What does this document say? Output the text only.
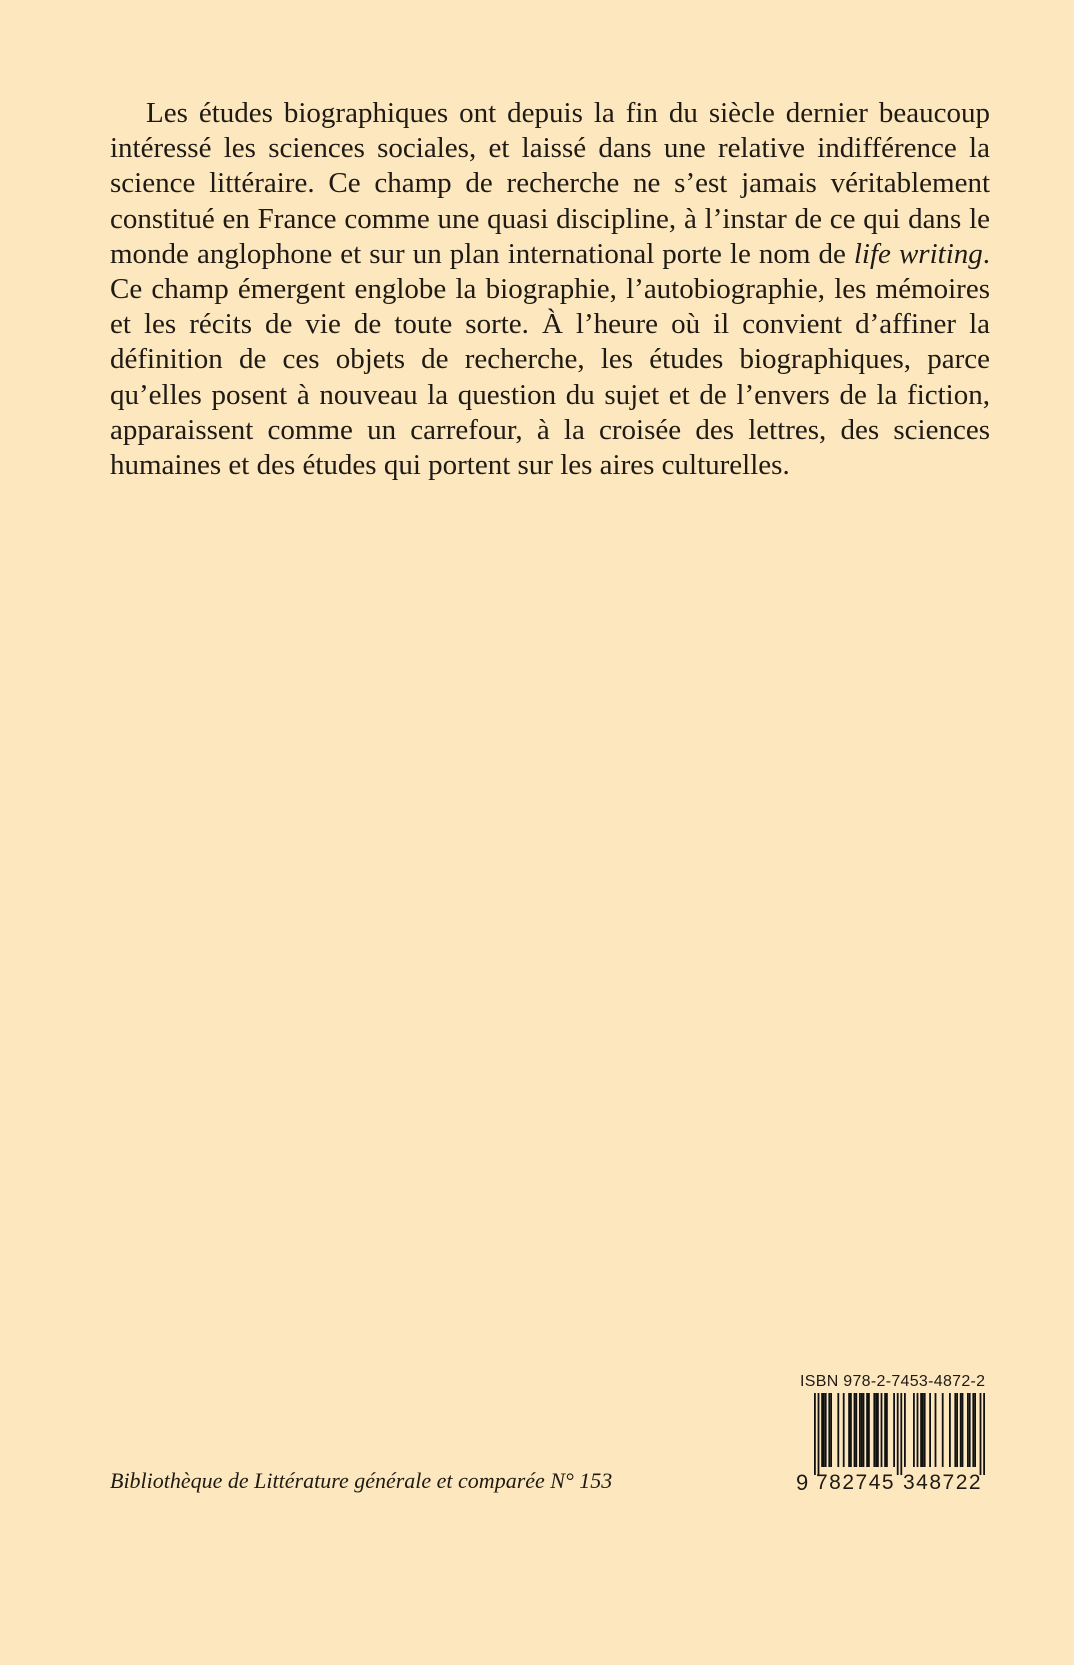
Les études biographiques ont depuis la fin du siècle dernier beaucoup intéressé les sciences sociales, et laissé dans une relative indifférence la science littéraire. Ce champ de recherche ne s’est jamais véritablement constitué en France comme une quasi discipline, à l’instar de ce qui dans le monde anglophone et sur un plan international porte le nom de life writing. Ce champ émergent englobe la biographie, l’autobiographie, les mémoires et les récits de vie de toute sorte. À l’heure où il convient d’affiner la définition de ces objets de recherche, les études biographiques, parce qu’elles posent à nouveau la question du sujet et de l’envers de la fiction, apparaissent comme un carrefour, à la croisée des lettres, des sciences humaines et des études qui portent sur les aires culturelles.

Bibliothèque de Littérature générale et comparée N° 153
ISBN 978-2-7453-4872-2
9 782745 348722
